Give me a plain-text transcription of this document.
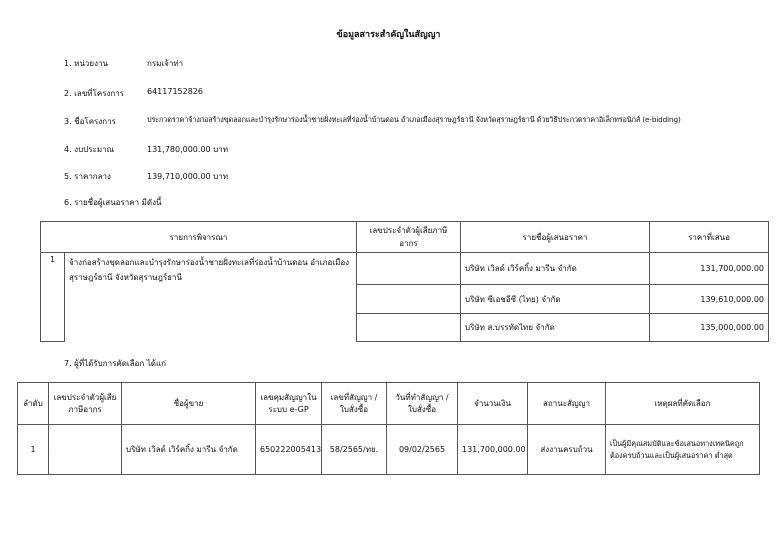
ข้อมูลสาระสำคัญในสัญญา
1. หน่วยงาน	กรมเจ้าท่า
2. เลขที่โครงการ	64117152826
3. ชื่อโครงการ	ประกวดราคาจ้างก่อสร้างขุดลอกและบำรุงรักษาร่องน้ำชายฝั่งทะเลที่ร่องน้ำบ้านดอน อำเภอเมืองสุราษฎร์ธานี จังหวัดสุราษฎร์ธานี ด้วยวิธีประกวดราคาอิเล็กทรอนิกส์ (e-bidding)
4. งบประมาณ	131,780,000.00 บาท
5. ราคากลาง	139,710,000.00 บาท
6. รายชื่อผู้เสนอราคา มีดังนี้
รายการพิจารณา		เลขประจำตัวผู้เสียภาษีอากร	รายชื่อผู้เสนอราคา	ราคาที่เสนอ
1	จ้างก่อสร้างขุดลอกและบำรุงรักษาร่องน้ำชายฝั่งทะเลที่ร่องน้ำบ้านดอน อำเภอเมืองสุราษฎร์ธานี จังหวัดสุราษฎร์ธานี		บริษัท เวิลด์ เวิร์คกิ้ง มารีน จำกัด	131,700,000.00
			บริษัท ซีเอชอีซี (ไทย) จำกัด	139,610,000.00
			บริษัท ส.บรรทัดไทย จำกัด	135,000,000.00
7. ผู้ที่ได้รับการคัดเลือก ได้แก่
ลำดับ	เลขประจำตัวผู้เสียภาษีอากร	ชื่อผู้ขาย	เลขคุมสัญญาในระบบ e-GP	เลขที่สัญญา / ใบสั่งซื้อ	วันที่ทำสัญญา / ใบสั่งซื้อ	จำนวนเงิน	สถานะสัญญา	เหตุผลที่คัดเลือก
1	.	บริษัท เวิลด์ เวิร์คกิ้ง มารีน จำกัด	650222005413	58/2565/ทย.	09/02/2565	131,700,000.00	ส่งงานครบถ้วน	เป็นผู้มีคุณสมบัติและข้อเสนอทางเทคนิคถูกต้องครบถ้วนและเป็นผู้เสนอราคา ต่ำสุด
